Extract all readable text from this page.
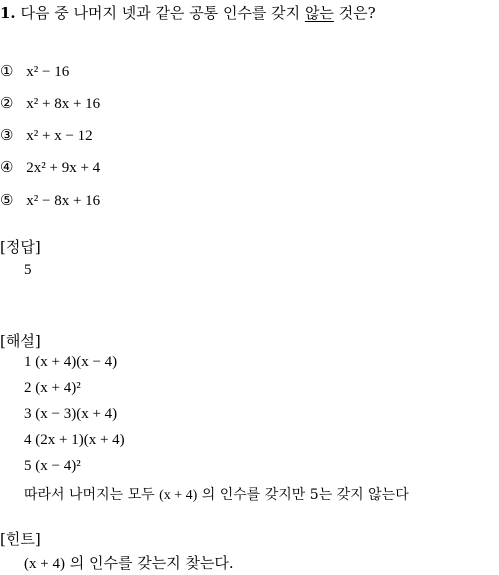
1. 다음 중 나머지 넷과 같은 공통 인수를 갖지 않는 것은?
① x² − 16
② x² + 8x + 16
③ x² + x − 12
④ 2x² + 9x + 4
⑤ x² − 8x + 16
[정답]
5
[해설]
1 (x + 4)(x − 4)
2 (x + 4)²
3 (x − 3)(x + 4)
4 (2x + 1)(x + 4)
5 (x − 4)²
따라서 나머지는 모두 (x + 4) 의 인수를 갖지만 5는 갖지 않는다
[힌트]
(x + 4) 의 인수를 갖는지 찾는다.
